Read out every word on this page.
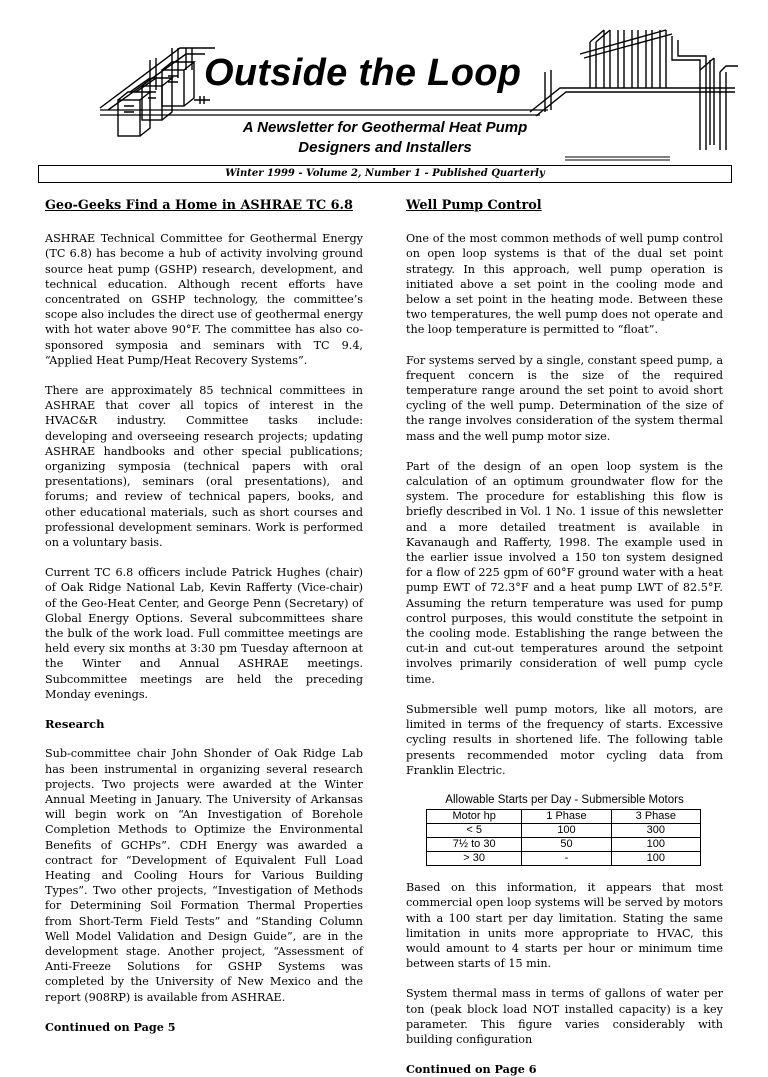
Outside the Loop
A Newsletter for Geothermal Heat Pump
Designers and Installers
Winter 1999 - Volume 2, Number 1 - Published Quarterly
Geo-Geeks Find a Home in ASHRAE TC 6.8

ASHRAE Technical Committee for Geothermal Energy (TC 6.8) has become a hub of activity involving ground source heat pump (GSHP) research, development, and technical education. Although recent efforts have concentrated on GSHP technology, the committee’s scope also includes the direct use of geothermal energy with hot water above 90°F. The committee has also co-sponsored symposia and seminars with TC 9.4, “Applied Heat Pump/Heat Recovery Systems”.

There are approximately 85 technical committees in ASHRAE that cover all topics of interest in the HVAC&R industry. Committee tasks include: developing and overseeing research projects; updating ASHRAE handbooks and other special publications; organizing symposia (technical papers with oral presentations), seminars (oral presentations), and forums; and review of technical papers, books, and other educational materials, such as short courses and professional development seminars. Work is performed on a voluntary basis.

Current TC 6.8 officers include Patrick Hughes (chair) of Oak Ridge National Lab, Kevin Rafferty (Vice-chair) of the Geo-Heat Center, and George Penn (Secretary) of Global Energy Options. Several subcommittees share the bulk of the work load. Full committee meetings are held every six months at 3:30 pm Tuesday afternoon at the Winter and Annual ASHRAE meetings. Subcommittee meetings are held the preceding Monday evenings.

Research

Sub-committee chair John Shonder of Oak Ridge Lab has been instrumental in organizing several research projects. Two projects were awarded at the Winter Annual Meeting in January. The University of Arkansas will begin work on “An Investigation of Borehole Completion Methods to Optimize the Environmental Benefits of GCHPs”. CDH Energy was awarded a contract for “Development of Equivalent Full Load Heating and Cooling Hours for Various Building Types”. Two other projects, “Investigation of Methods for Determining Soil Formation Thermal Properties from Short-Term Field Tests” and “Standing Column Well Model Validation and Design Guide”, are in the development stage. Another project, “Assessment of Anti-Freeze Solutions for GSHP Systems was completed by the University of New Mexico and the report (908RP) is available from ASHRAE.

Continued on Page 5
Well Pump Control

One of the most common methods of well pump control on open loop systems is that of the dual set point strategy. In this approach, well pump operation is initiated above a set point in the cooling mode and below a set point in the heating mode. Between these two temperatures, the well pump does not operate and the loop temperature is permitted to “float”.

For systems served by a single, constant speed pump, a frequent concern is the size of the required temperature range around the set point to avoid short cycling of the well pump. Determination of the size of the range involves consideration of the system thermal mass and the well pump motor size.

Part of the design of an open loop system is the calculation of an optimum groundwater flow for the system. The procedure for establishing this flow is briefly described in Vol. 1 No. 1 issue of this newsletter and a more detailed treatment is available in Kavanaugh and Rafferty, 1998. The example used in the earlier issue involved a 150 ton system designed for a flow of 225 gpm of 60°F ground water with a heat pump EWT of 72.3°F and a heat pump LWT of 82.5°F. Assuming the return temperature was used for pump control purposes, this would constitute the setpoint in the cooling mode. Establishing the range between the cut-in and cut-out temperatures around the setpoint involves primarily consideration of well pump cycle time.

Submersible well pump motors, like all motors, are limited in terms of the frequency of starts. Excessive cycling results in shortened life. The following table presents recommended motor cycling data from Franklin Electric.

Allowable Starts per Day - Submersible Motors
Motor hp	1 Phase	3 Phase
< 5	100	300
7½ to 30	50	100
> 30	-	100

Based on this information, it appears that most commercial open loop systems will be served by motors with a 100 start per day limitation. Stating the same limitation in units more appropriate to HVAC, this would amount to 4 starts per hour or minimum time between starts of 15 min.

System thermal mass in terms of gallons of water per ton (peak block load NOT installed capacity) is a key parameter. This figure varies considerably with building configuration

Continued on Page 6
